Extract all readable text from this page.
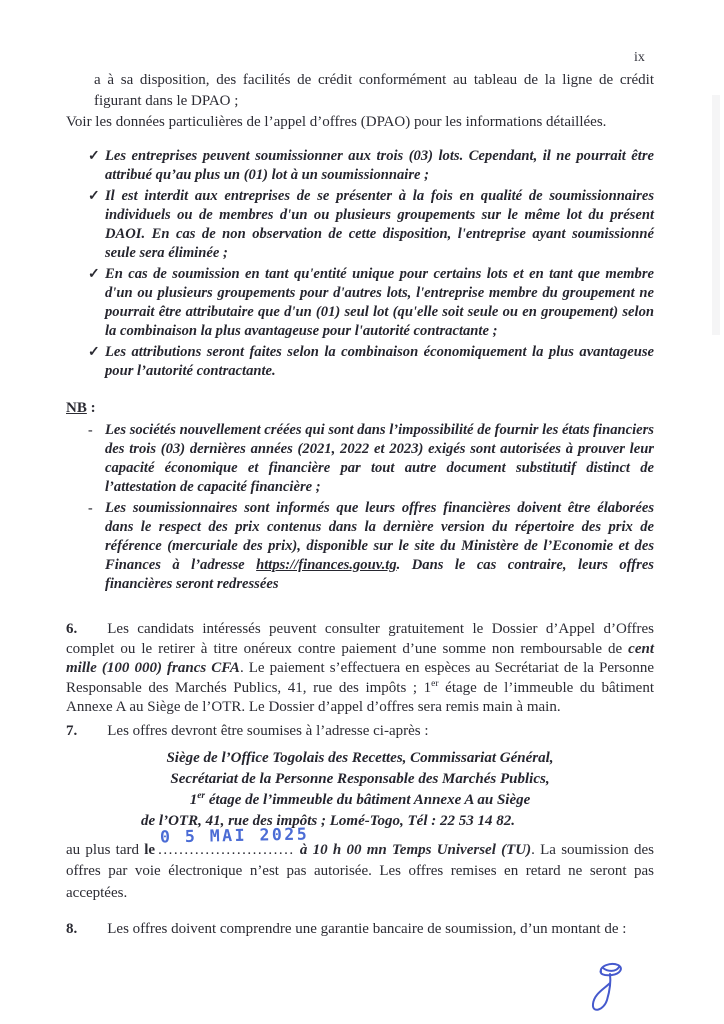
ix
a à sa disposition, des facilités de crédit conformément au tableau de la ligne de crédit figurant dans le DPAO ;
Voir les données particulières de l’appel d’offres (DPAO) pour les informations détaillées.
✓ Les entreprises peuvent soumissionner aux trois (03) lots. Cependant, il ne pourrait être attribué qu’au plus un (01) lot à un soumissionnaire ;
✓ Il est interdit aux entreprises de se présenter à la fois en qualité de soumissionnaires individuels ou de membres d'un ou plusieurs groupements sur le même lot du présent DAOI. En cas de non observation de cette disposition, l'entreprise ayant soumissionné seule sera éliminée ;
✓ En cas de soumission en tant qu'entité unique pour certains lots et en tant que membre d'un ou plusieurs groupements pour d'autres lots, l'entreprise membre du groupement ne pourrait être attributaire que d'un (01) seul lot (qu'elle soit seule ou en groupement) selon la combinaison la plus avantageuse pour l'autorité contractante ;
✓ Les attributions seront faites selon la combinaison économiquement la plus avantageuse pour l’autorité contractante.
NB :
- Les sociétés nouvellement créées qui sont dans l’impossibilité de fournir les états financiers des trois (03) dernières années (2021, 2022 et 2023) exigés sont autorisées à prouver leur capacité économique et financière par tout autre document substitutif distinct de l’attestation de capacité financière ;
- Les soumissionnaires sont informés que leurs offres financières doivent être élaborées dans le respect des prix contenus dans la dernière version du répertoire des prix de référence (mercuriale des prix), disponible sur le site du Ministère de l’Economie et des Finances à l’adresse https://finances.gouv.tg. Dans le cas contraire, leurs offres financières seront redressées
6. Les candidats intéressés peuvent consulter gratuitement le Dossier d’Appel d’Offres complet ou le retirer à titre onéreux contre paiement d’une somme non remboursable de cent mille (100 000) francs CFA. Le paiement s’effectuera en espèces au Secrétariat de la Personne Responsable des Marchés Publics, 41, rue des impôts ; 1er étage de l’immeuble du bâtiment Annexe A au Siège de l’OTR. Le Dossier d’appel d’offres sera remis main à main.
7. Les offres devront être soumises à l’adresse ci-après :
Siège de l’Office Togolais des Recettes, Commissariat Général,
Secrétariat de la Personne Responsable des Marchés Publics,
1er étage de l’immeuble du bâtiment Annexe A au Siège
de l’OTR, 41, rue des impôts ; Lomé-Togo, Tél : 22 53 14 82.
au plus tard le..........................
0 5 MAI 2025
à 10 h 00 mn Temps Universel (TU). La soumission des offres par voie électronique n’est pas autorisée. Les offres remises en retard ne seront pas acceptées.
8. Les offres doivent comprendre une garantie bancaire de soumission, d’un montant de :
